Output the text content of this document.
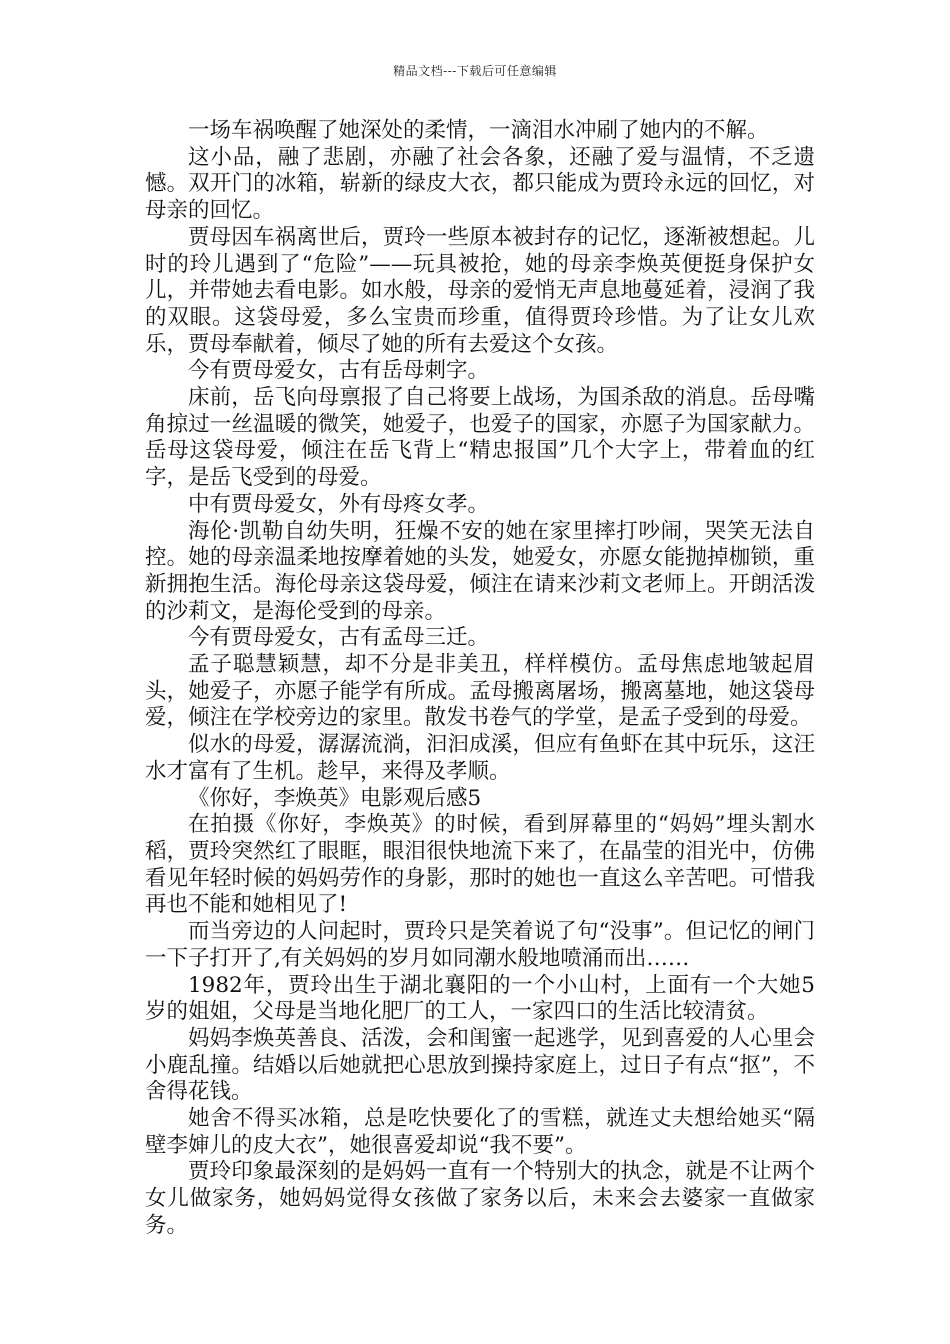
精品文档---下载后可任意编辑

一场车祸唤醒了她深处的柔情，一滴泪水冲刷了她内的不解。

这小品，融了悲剧，亦融了社会各象，还融了爱与温情，不乏遗憾。双开门的冰箱，崭新的绿皮大衣，都只能成为贾玲永远的回忆，对母亲的回忆。

贾母因车祸离世后，贾玲一些原本被封存的记忆，逐渐被想起。儿时的玲儿遇到了“危险”——玩具被抢，她的母亲李焕英便挺身保护女儿，并带她去看电影。如水般，母亲的爱悄无声息地蔓延着，浸润了我的双眼。这袋母爱，多么宝贵而珍重，值得贾玲珍惜。为了让女儿欢乐，贾母奉献着，倾尽了她的所有去爱这个女孩。

今有贾母爱女，古有岳母刺字。

床前，岳飞向母禀报了自己将要上战场，为国杀敌的消息。岳母嘴角掠过一丝温暖的微笑，她爱子，也爱子的国家，亦愿子为国家献力。岳母这袋母爱，倾注在岳飞背上“精忠报国”几个大字上，带着血的红字，是岳飞受到的母爱。

中有贾母爱女，外有母疼女孝。

海伦·凯勒自幼失明，狂燥不安的她在家里摔打吵闹，哭笑无法自控。她的母亲温柔地按摩着她的头发，她爱女，亦愿女能抛掉枷锁，重新拥抱生活。海伦母亲这袋母爱，倾注在请来沙莉文老师上。开朗活泼的沙莉文，是海伦受到的母亲。

今有贾母爱女，古有孟母三迁。

孟子聪慧颖慧，却不分是非美丑，样样模仿。孟母焦虑地皱起眉头，她爱子，亦愿子能学有所成。孟母搬离屠场，搬离墓地，她这袋母爱，倾注在学校旁边的家里。散发书卷气的学堂，是孟子受到的母爱。

似水的母爱，潺潺流淌，汩汩成溪，但应有鱼虾在其中玩乐，这汪水才富有了生机。趁早，来得及孝顺。

《你好，李焕英》电影观后感5

在拍摄《你好，李焕英》的时候，看到屏幕里的“妈妈”埋头割水稻，贾玲突然红了眼眶，眼泪很快地流下来了，在晶莹的泪光中，仿佛看见年轻时候的妈妈劳作的身影，那时的她也一直这么辛苦吧。可惜我再也不能和她相见了!

而当旁边的人问起时，贾玲只是笑着说了句“没事”。但记忆的闸门一下子打开了,有关妈妈的岁月如同潮水般地喷涌而出……

1982年，贾玲出生于湖北襄阳的一个小山村，上面有一个大她5岁的姐姐，父母是当地化肥厂的工人，一家四口的生活比较清贫。

妈妈李焕英善良、活泼，会和闺蜜一起逃学，见到喜爱的人心里会小鹿乱撞。结婚以后她就把心思放到操持家庭上，过日子有点“抠”，不舍得花钱。

她舍不得买冰箱，总是吃快要化了的雪糕，就连丈夫想给她买“隔壁李婶儿的皮大衣”，她很喜爱却说“我不要”。

贾玲印象最深刻的是妈妈一直有一个特别大的执念，就是不让两个女儿做家务，她妈妈觉得女孩做了家务以后，未来会去婆家一直做家务。
